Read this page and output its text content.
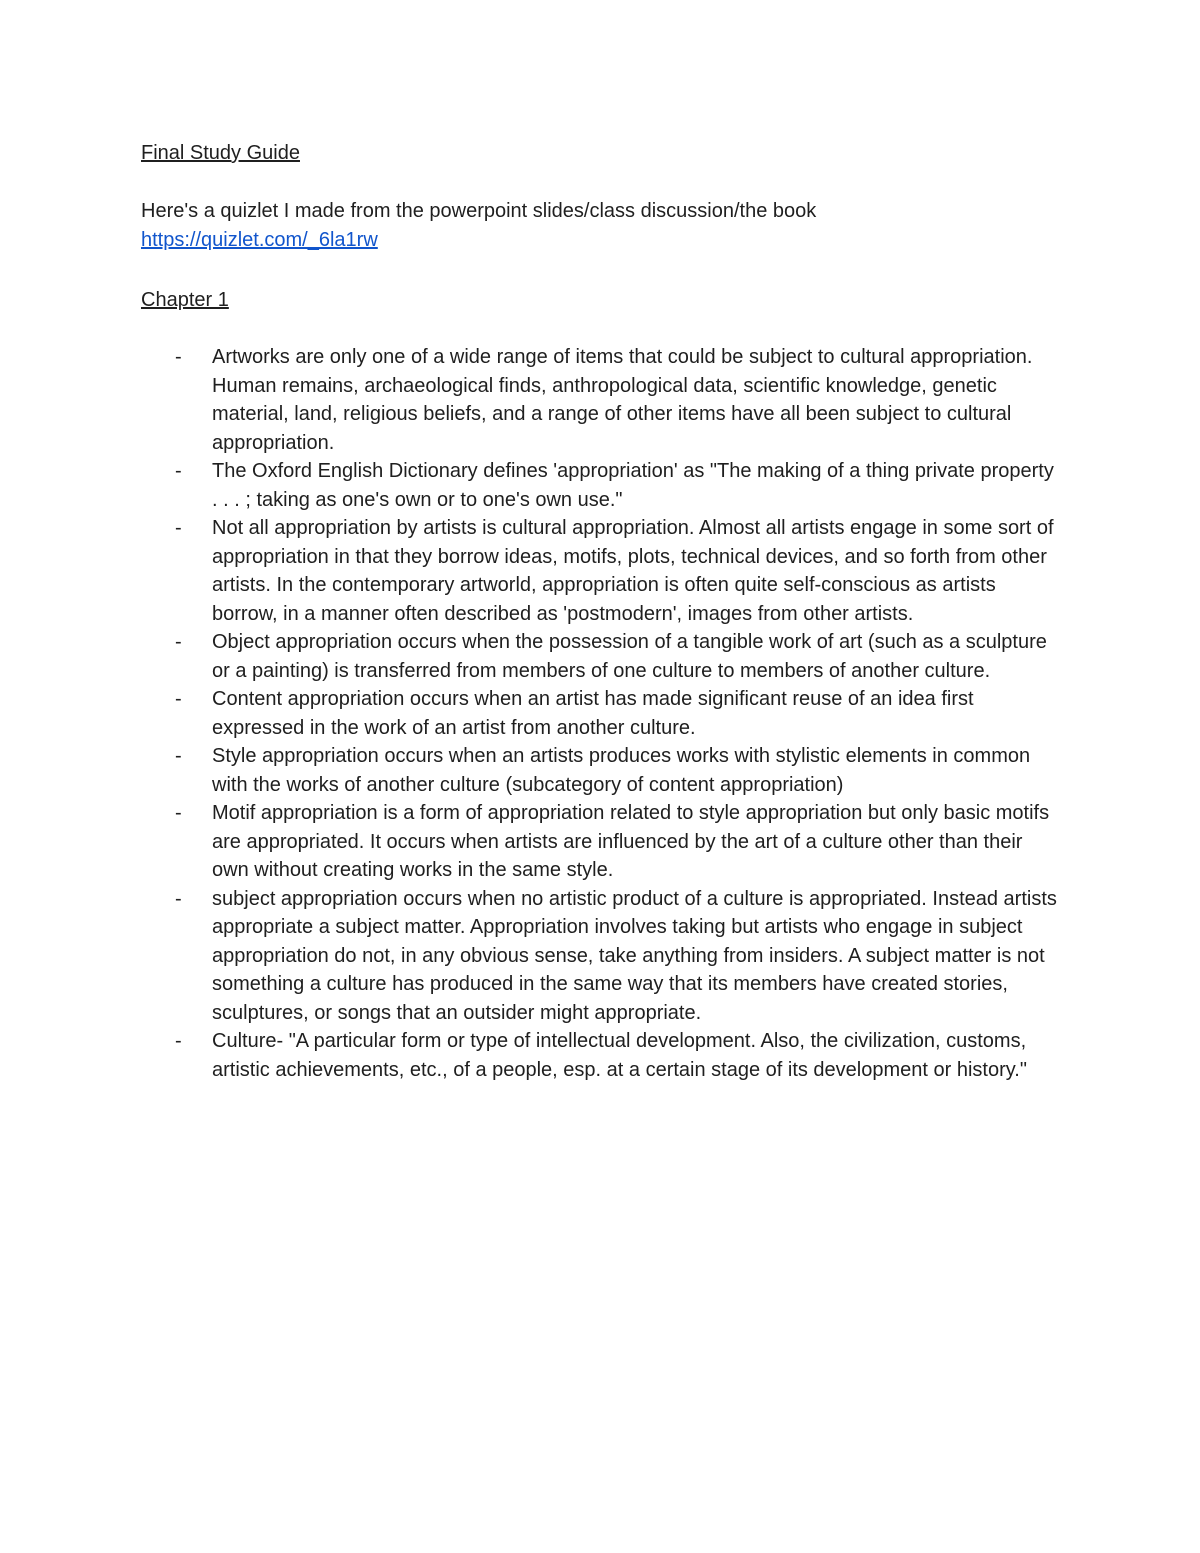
Final Study Guide

Here's a quizlet I made from the powerpoint slides/class discussion/the book

https://quizlet.com/_6la1rw

Chapter 1

- Artworks are only one of a wide range of items that could be subject to cultural appropriation. Human remains, archaeological finds, anthropological data, scientific knowledge, genetic material, land, religious beliefs, and a range of other items have all been subject to cultural appropriation.
- The Oxford English Dictionary defines 'appropriation' as "The making of a thing private property . . . ; taking as one's own or to one's own use."
- Not all appropriation by artists is cultural appropriation. Almost all artists engage in some sort of appropriation in that they borrow ideas, motifs, plots, technical devices, and so forth from other artists. In the contemporary artworld, appropriation is often quite self-conscious as artists borrow, in a manner often described as 'postmodern', images from other artists.
- Object appropriation occurs when the possession of a tangible work of art (such as a sculpture or a painting) is transferred from members of one culture to members of another culture.
- Content appropriation occurs when an artist has made significant reuse of an idea first expressed in the work of an artist from another culture.
- Style appropriation occurs when an artists produces works with stylistic elements in common with the works of another culture (subcategory of content appropriation)
- Motif appropriation is a form of appropriation related to style appropriation but only basic motifs are appropriated. It occurs when artists are influenced by the art of a culture other than their own without creating works in the same style.
- subject appropriation occurs when no artistic product of a culture is appropriated. Instead artists appropriate a subject matter. Appropriation involves taking but artists who engage in subject appropriation do not, in any obvious sense, take anything from insiders. A subject matter is not something a culture has produced in the same way that its members have created stories, sculptures, or songs that an outsider might appropriate.
- Culture- "A particular form or type of intellectual development. Also, the civilization, customs, artistic achievements, etc., of a people, esp. at a certain stage of its development or history."
